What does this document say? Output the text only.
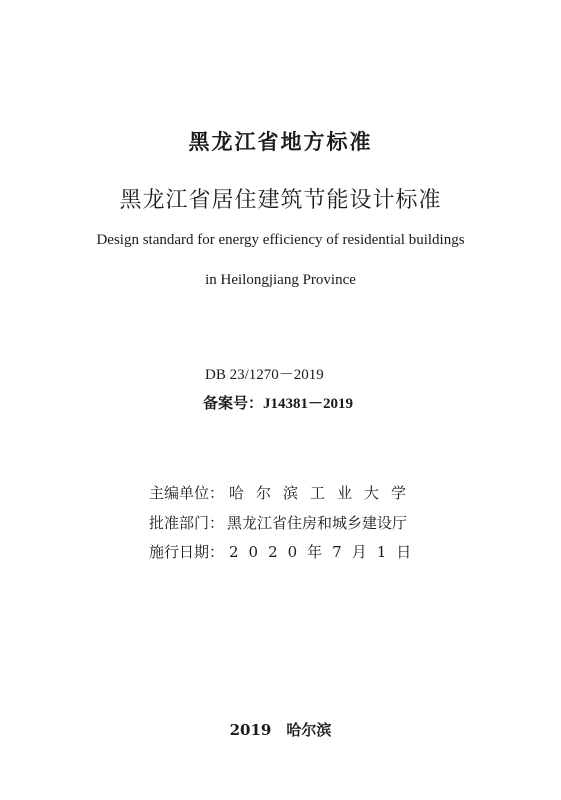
黑龙江省地方标准
黑龙江省居住建筑节能设计标准
Design standard for energy efficiency of residential buildings
in Heilongjiang Province
DB 23/1270－2019
备案号：J14381－2019
主编单位： 哈尔滨工业大学
批准部门： 黑龙江省住房和城乡建设厅
施行日期： 2020年7月1日
2019　哈尔滨
